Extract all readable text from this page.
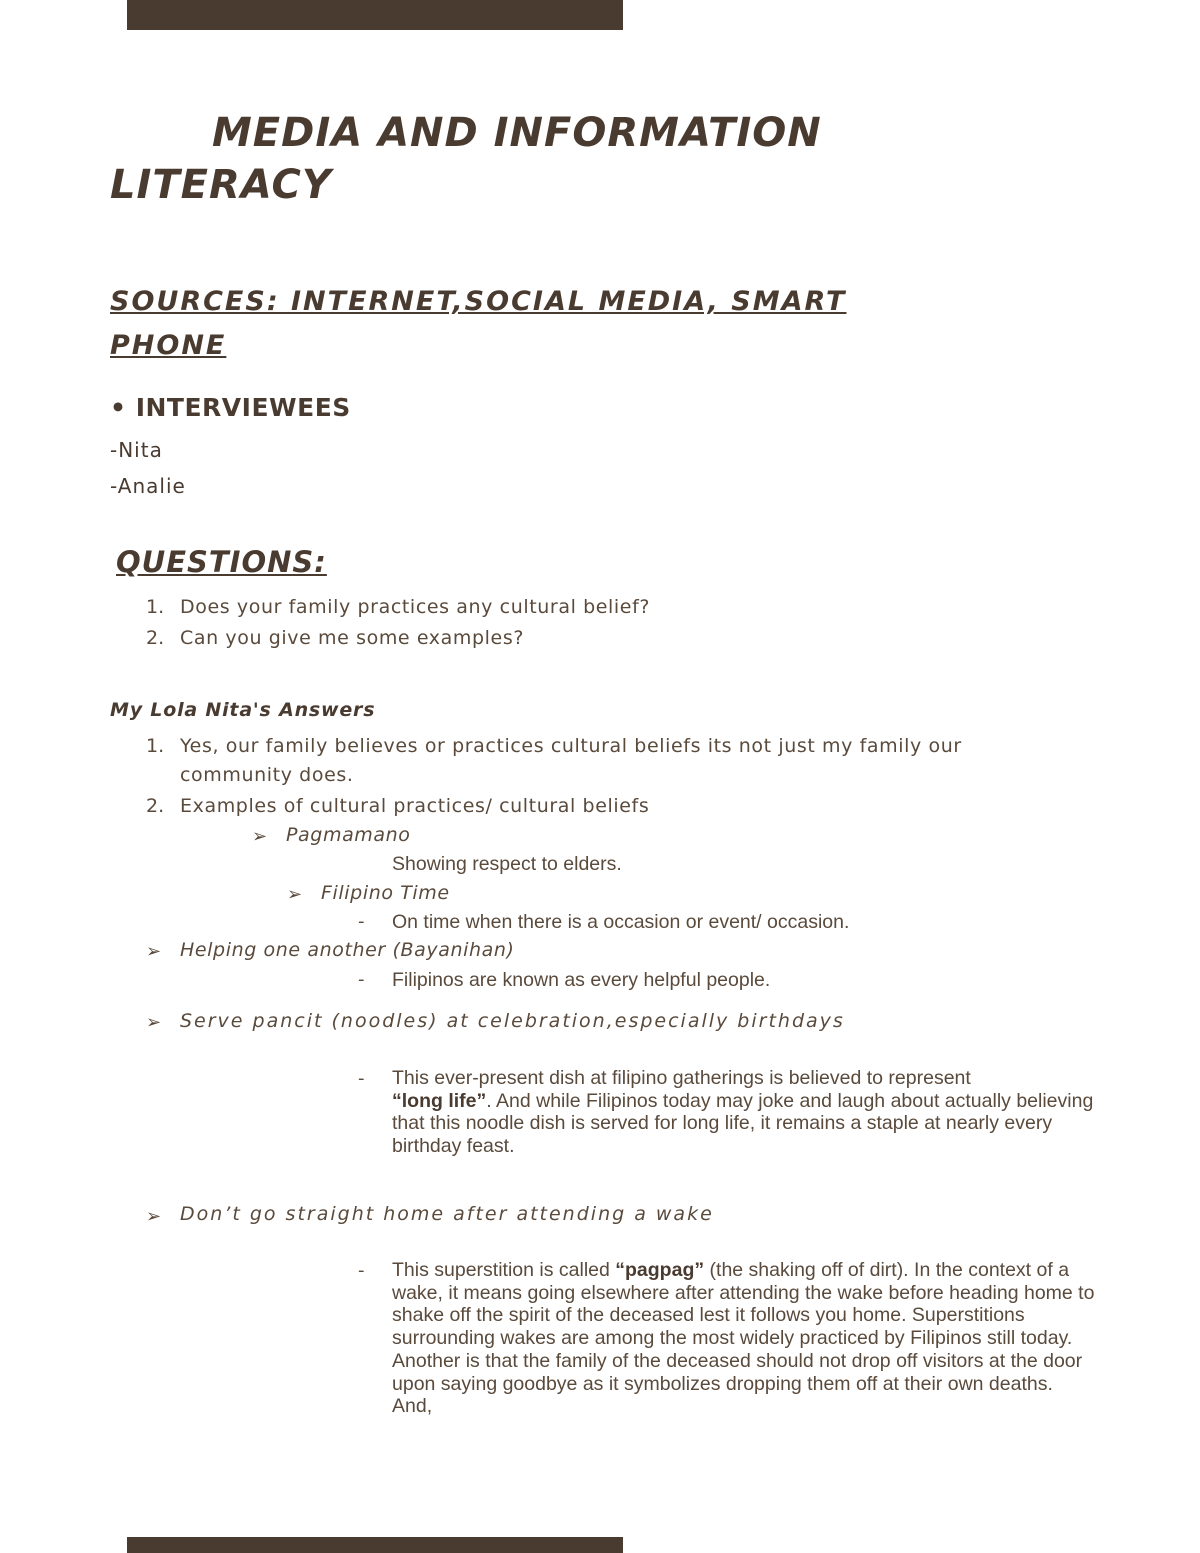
MEDIA AND INFORMATION
LITERACY
SOURCES: INTERNET,SOCIAL MEDIA, SMART
PHONE
• INTERVIEWEES
-Nita
-Analie
QUESTIONS:
1. Does your family practices any cultural belief?
2. Can you give me some examples?
My Lola Nita's Answers
1. Yes, our family believes or practices cultural beliefs its not just my family our
community does.
2. Examples of cultural practices/ cultural beliefs
➢ Pagmamano
Showing respect to elders.
➢ Filipino Time
- On time when there is a occasion or event/ occasion.
➢ Helping one another (Bayanihan)
- Filipinos are known as every helpful people.
➢ Serve pancit (noodles) at celebration,especially birthdays
- This ever-present dish at filipino gatherings is believed to represent
“long life”. And while Filipinos today may joke and laugh about actually believing that this noodle dish is served for long life, it remains a staple at nearly every birthday feast.
➢ Don’t go straight home after attending a wake
- This superstition is called “pagpag” (the shaking off of dirt). In the context of a wake, it means going elsewhere after attending the wake before heading home to shake off the spirit of the deceased lest it follows you home. Superstitions surrounding wakes are among the most widely practiced by Filipinos still today. Another is that the family of the deceased should not drop off visitors at the door upon saying goodbye as it symbolizes dropping them off at their own deaths. And,
